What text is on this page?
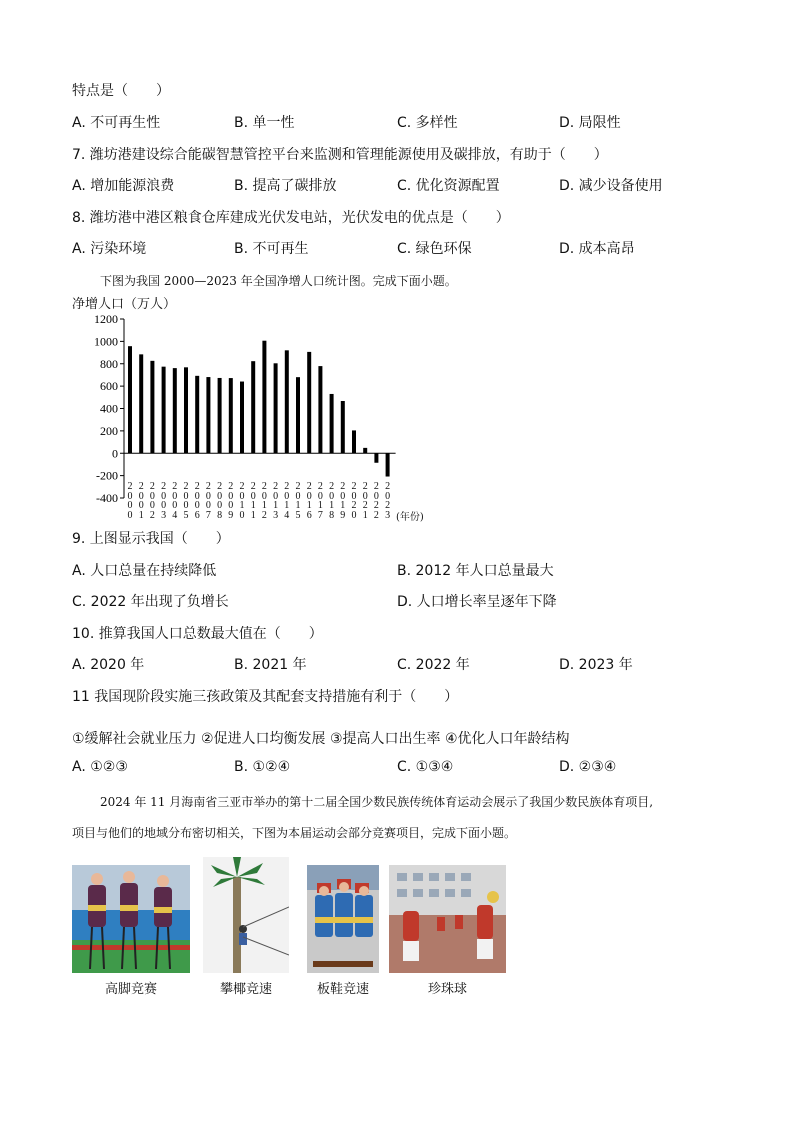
特点是（　　）
A. 不可再生性	B. 单一性	C. 多样性	D. 局限性
7. 潍坊港建设综合能碳智慧管控平台来监测和管理能源使用及碳排放，有助于（　　）
A. 增加能源浪费	B. 提高了碳排放	C. 优化资源配置	D. 减少设备使用
8. 潍坊港中港区粮食仓库建成光伏发电站，光伏发电的优点是（　　）
A. 污染环境	B. 不可再生	C. 绿色环保	D. 成本高昂
下图为我国 2000—2023 年全国净增人口统计图。完成下面小题。
净增人口（万人）
1200
1000
800
600
400
200
0
-200
-400
(年份)
2
0
0
0
2
0
0
1
2
0
0
2
2
0
0
3
2
0
0
4
2
0
0
5
2
0
0
6
2
0
0
7
2
0
0
8
2
0
0
9
2
0
1
0
2
0
1
1
2
0
1
2
2
0
1
3
2
0
1
4
2
0
1
5
2
0
1
6
2
0
1
7
2
0
1
8
2
0
1
9
2
0
2
0
2
0
2
1
2
0
2
2
2
0
2
3
9. 上图显示我国（　　）
A. 人口总量在持续降低	B. 2012 年人口总量最大
C. 2022 年出现了负增长	D. 人口增长率呈逐年下降
10. 推算我国人口总数最大值在（　　）
A. 2020 年	B. 2021 年	C. 2022 年	D. 2023 年
11 我国现阶段实施三孩政策及其配套支持措施有利于（　　）
①缓解社会就业压力 ②促进人口均衡发展 ③提高人口出生率 ④优化人口年龄结构
A. ①②③	B. ①②④	C. ①③④	D. ②③④
2024 年 11 月海南省三亚市举办的第十二届全国少数民族传统体育运动会展示了我国少数民族体育项目,
项目与他们的地域分布密切相关，下图为本届运动会部分竞赛项目，完成下面小题。
高脚竞赛	攀椰竞速	板鞋竞速	珍珠球
